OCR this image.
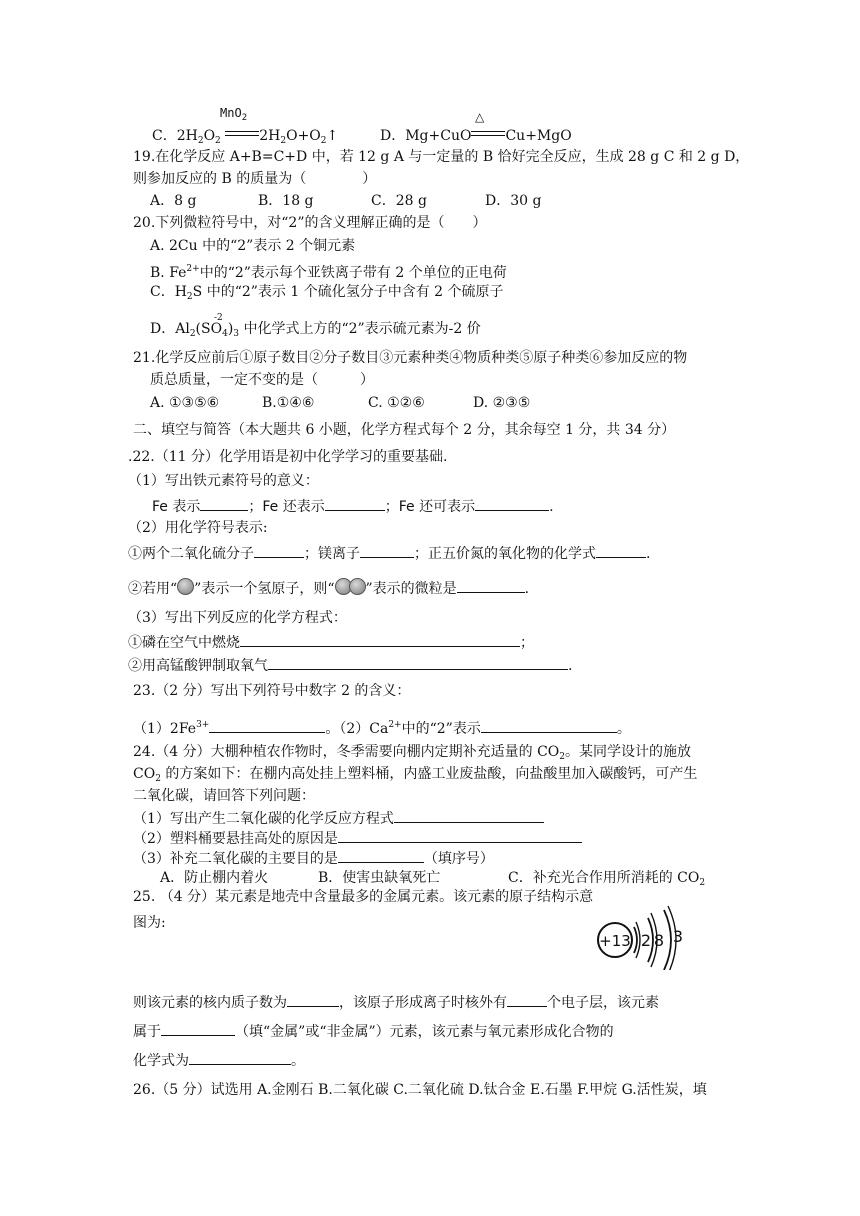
MnO$_2$
C．$2H_2O_2$	$2H_2O+O_2↑$
△
D．Mg+CuO Cu+MgO
19.在化学反应 A+B=C+D 中，若 12 g A 与一定量的 B 恰好完全反应，生成 28 g C 和 2 g D，
则参加反应的 B 的质量为（　　　　）
A．8 g	B．18 g	C．28 g	D．30 g
20.下列微粒符号中，对“2”的含义理解正确的是（　　）
A. 2Cu 中的“2”表示 2 个铜元素
B. $Fe^{2+}$中的“2”表示每个亚铁离子带有 2 个单位的正电荷
C．$H_2S$ 中的“2”表示 1 个硫化氢分子中含有 2 个硫原子
-2
D．$Al_2(SO_4)_3$ 中化学式上方的“2”表示硫元素为-2 价
21.化学反应前后①原子数目②分子数目③元素种类④物质种类⑤原子种类⑥参加反应的物
质总质量，一定不变的是（　　　）
A. ①③⑤⑥	B.①④⑥	C. ①②⑥	D. ②③⑤
二、填空与简答（本大题共 6 小题，化学方程式每个 2 分，其余每空 1 分，共 34 分）
.22.（11 分）化学用语是初中化学学习的重要基础.
（1）写出铁元素符号的意义：
Fe 表示	；Fe 还表示	；Fe 还可表示	.
（2）用化学符号表示:
①两个二氧化硫分子	；镁离子	；正五价氮的氧化物的化学式	.
②若用“ ”表示一个氢原子，则“ ”表示的微粒是	.
（3）写出下列反应的化学方程式：
①磷在空气中燃烧	；
②用高锰酸钾制取氧气	.
23.（2 分）写出下列符号中数字 2 的含义：
$(1)2Fe^{3+}$	。$(2)Ca^{2+}$中的“2”表示	。
24.（4 分）大棚种植农作物时，冬季需要向棚内定期补充适量的 $CO_2$。某同学设计的施放
$CO_2$ 的方案如下：在棚内高处挂上塑料桶，内盛工业废盐酸，向盐酸里加入碳酸钙，可产生
二氧化碳，请回答下列问题：
（1）写出产生二氧化碳的化学反应方程式
（2）塑料桶要悬挂高处的原因是
（3）补充二氧化碳的主要目的是	（填序号）
A．防止棚内着火	B．使害虫缺氧死亡	C．补充光合作用所消耗的 $CO_2$
25. （4 分）某元素是地壳中含量最多的金属元素。该元素的原子结构示意
图为:
+13 2 8 3
则该元素的核内质子数为	，该原子形成离子时核外有	个电子层，该元素
属于	（填“金属”或“非金属”）元素，该元素与氧元素形成化合物的
化学式为	。
26.（5 分）试选用 A.金刚石 B.二氧化碳 C.二氧化硫 D.钛合金 E.石墨 F.甲烷 G.活性炭，填
